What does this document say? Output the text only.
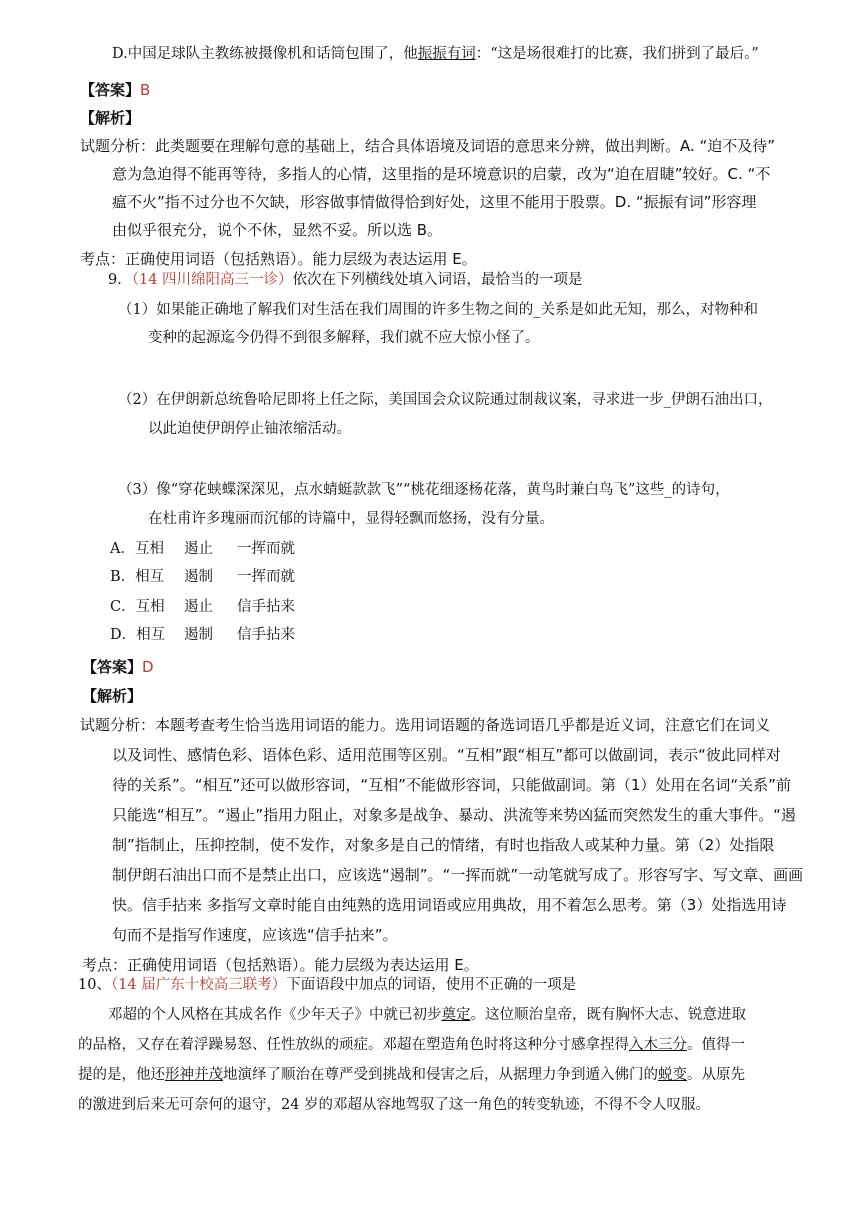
D.中国足球队主教练被摄像机和话筒包围了，他振振有词：“这是场很难打的比赛，我们拼到了最后。”
【答案】B
【解析】
试题分析：此类题要在理解句意的基础上，结合具体语境及词语的意思来分辨，做出判断。A. “迫不及待”
意为急迫得不能再等待，多指人的心情，这里指的是环境意识的启蒙，改为“迫在眉睫”较好。C. “不
瘟不火”指不过分也不欠缺，形容做事情做得恰到好处，这里不能用于股票。D. “振振有词”形容理
由似乎很充分，说个不休，显然不妥。所以选 B。
考点：正确使用词语（包括熟语）。能力层级为表达运用 E。
9．（14 四川绵阳高三一诊）依次在下列横线处填入词语，最恰当的一项是
（1）如果能正确地了解我们对生活在我们周围的许多生物之间的_关系是如此无知，那么，对物种和
变种的起源迄今仍得不到很多解释，我们就不应大惊小怪了。
（2）在伊朗新总统鲁哈尼即将上任之际，美国国会众议院通过制裁议案，寻求进一步_伊朗石油出口，
以此迫使伊朗停止铀浓缩活动。
（3）像“穿花蛱蝶深深见，点水蜻蜓款款飞”“桃花细逐杨花落，黄鸟时兼白鸟飞”这些_的诗句，
在杜甫许多瑰丽而沉郁的诗篇中，显得轻飘而悠扬，没有分量。
A．互相 遏止 一挥而就
B．相互 遏制 一挥而就
C．互相 遏止 信手拈来
D．相互 遏制 信手拈来
【答案】D
【解析】
试题分析：本题考查考生恰当选用词语的能力。选用词语题的备选词语几乎都是近义词，注意它们在词义
以及词性、感情色彩、语体色彩、适用范围等区别。“互相”跟“相互”都可以做副词，表示“彼此同样对
待的关系”。“相互”还可以做形容词，“互相”不能做形容词，只能做副词。第（1）处用在名词“关系”前
只能选“相互”。“遏止”指用力阻止，对象多是战争、暴动、洪流等来势凶猛而突然发生的重大事件。“遏
制”指制止，压抑控制，使不发作，对象多是自己的情绪，有时也指敌人或某种力量。第（2）处指限
制伊朗石油出口而不是禁止出口，应该选“遏制”。“一挥而就”一动笔就写成了。形容写字、写文章、画画
快。信手拈来 多指写文章时能自由纯熟的选用词语或应用典故，用不着怎么思考。第（3）处指选用诗
句而不是指写作速度，应该选“信手拈来”。
考点：正确使用词语（包括熟语）。能力层级为表达运用 E。
10、（14 届广东十校高三联考）下面语段中加点的词语，使用不正确的一项是
邓超的个人风格在其成名作《少年天子》中就已初步奠定。这位顺治皇帝，既有胸怀大志、锐意进取
的品格，又存在着浮躁易怒、任性放纵的顽症。邓超在塑造角色时将这种分寸感拿捏得入木三分。值得一
提的是，他还形神并茂地演绎了顺治在尊严受到挑战和侵害之后，从据理力争到遁入佛门的蜕变。从原先
的激进到后来无可奈何的退守，24 岁的邓超从容地驾驭了这一角色的转变轨迹，不得不令人叹服。
